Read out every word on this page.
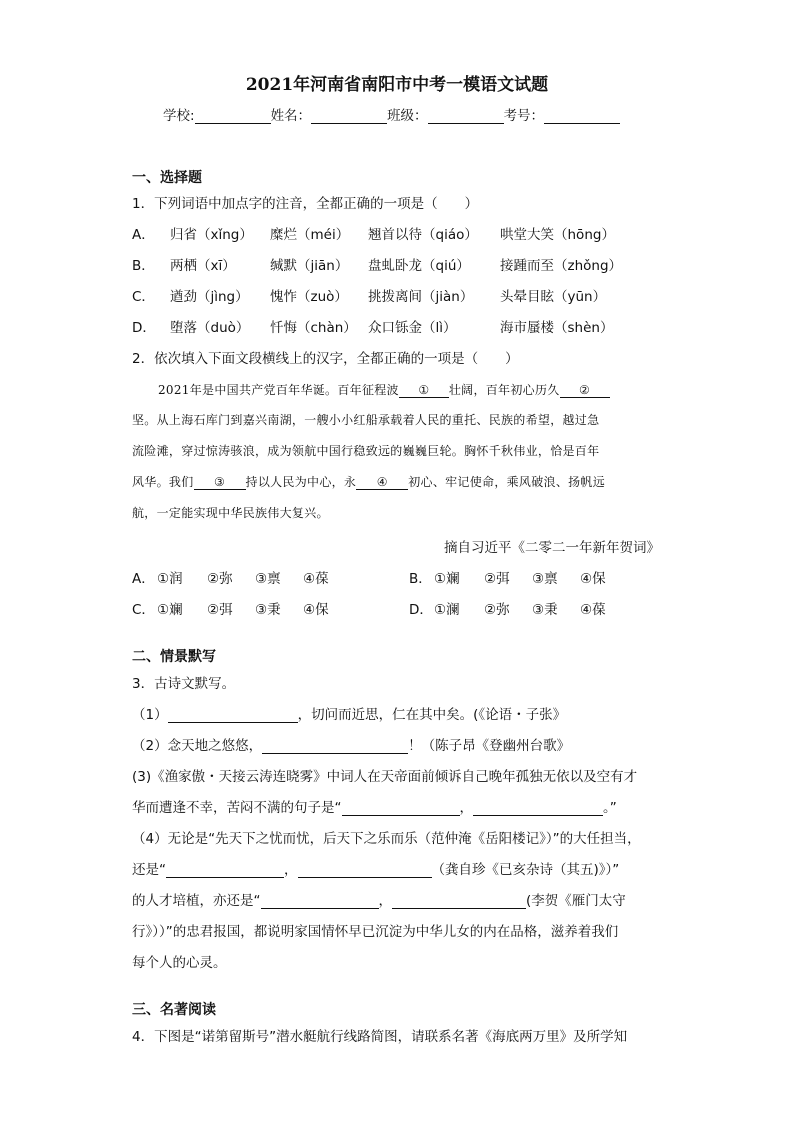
2021年河南省南阳市中考一模语文试题
学校:	姓名：	班级：	考号：
一、选择题
1．下列词语中加点字的注音，全都正确的一项是（　　）
A． 归省（xǐng） 糜烂（méi） 翘首以待（qiáo） 哄堂大笑（hōng）
B． 两栖（xī）	缄默（jiān） 盘虬卧龙（qiú） 接踵而至（zhǒng）
C． 遒劲（jìng） 愧怍（zuò） 挑拨离间（jiàn） 头晕目眩（yūn）
D． 堕落（duò） 忏悔（chàn） 众口铄金（lì）	海市蜃楼（shèn）
2．依次填入下面文段横线上的汉字，全都正确的一项是（　　）
2021年是中国共产党百年华诞。百年征程波 ① 壮阔，百年初心历久 ②
坚。从上海石库门到嘉兴南湖，一艘小小红船承载着人民的重托、民族的希望，越过急
流险滩，穿过惊涛骇浪，成为领航中国行稳致远的巍巍巨轮。胸怀千秋伟业，恰是百年
风华。我们 ③ 持以人民为中心，永 ④ 初心、牢记使命，乘风破浪、扬帆远
航，一定能实现中华民族伟大复兴。
摘自习近平《二零二一年新年贺词》
A． ①润 ②弥 ③禀 ④葆	B． ①斓 ②弭 ③禀 ④保
C． ①斓 ②弭 ③秉 ④保	D．①澜 ②弥 ③秉 ④葆
二、情景默写
3．古诗文默写。
（1）	，切问而近思，仁在其中矣。(《论语・子张》
（2）念天地之悠悠，	！（陈子昂《登幽州台歌》
(3)《渔家傲・天接云涛连晓雾》中词人在天帝面前倾诉自己晚年孤独无依以及空有才
华而遭逢不幸，苦闷不满的句子是“	，	。”
（4）无论是“先天下之忧而忧，后天下之乐而乐（范仲淹《岳阳楼记》）”的大任担当，
还是“	，	（龚自珍《已亥杂诗（其五)》）”
的人才培植，亦还是“	，	(李贺《雁门太守
行》））”的忠君报国，都说明家国情怀早已沉淀为中华儿女的内在品格，滋养着我们
每个人的心灵。
三、名著阅读
4．下图是“诺第留斯号”潜水艇航行线路简图，请联系名著《海底两万里》及所学知
